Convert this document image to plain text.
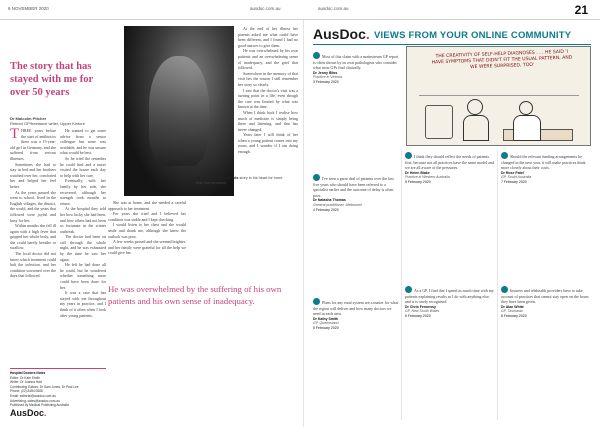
6 NOVEMBER 2020	ausdoc.com.au	ausdoc.com.au	21
The story that has stayed with me for over 50 years
Dr Malcolm Pitcher
Retired GP/freelance writer, Upper Kintore
Dr Pitcher has kept this story in his heart for more than five decades.

THREE years before the start of antibiotics there was a 15-year-old girl in Germany, and she suffered from serious illnesses.

Sometimes she had to stay in bed and her brothers watched over her, comforted her and helped her feel better.

As the years passed she went to school, lived in the English villages, the district, the world, and the years that followed were joyful and busy for her.

Within months she fell ill again with a high fever that gripped her whole body, and she could barely breathe or swallow.

The local doctor did not know which treatment could halt the infection, and her condition worsened over the days that followed.

He wanted to get some advice from a senior colleague but none was available, and he was unsure what would be best.

So he tried the remedies he could find and a nurse visited the house each day to help with her care.

Eventually, with her family by her side, she recovered, although her strength took months to return.

At the hospital they told her how lucky she had been, and how others had not been so fortunate in the winter outbreak.

The doctor had been on call through the whole night, and he was exhausted by the time he saw her again.

He felt he had done all he could, but he wondered whether something more could have been done for her.

It was a case that has stayed with me throughout my years in practice, and I think of it often when I look after young patients.

She was at home, and she needed a careful approach to her treatment.

For years she tried and I believed her condition was stable and I kept checking.

I would listen to her chest and she would smile and thank me, although she knew the outlook was poor.

A few weeks passed and she seemed brighter, and her family were grateful for all the help we could give her.

At the end of her illness her parents asked me what could have been different, and I found I had no good answer to give them.

He was overwhelmed by his own patients and an overwhelming sense of inadequacy, and the grief that followed.

Somewhere in the memory of that visit lies the reason I still remember her story so clearly.

I saw that the doctor's visit was a turning point in a life, even though the care was limited by what was known at the time.

When I think back I realise how much of medicine is simply being there and listening, and that has never changed.

Years later I still think of her when a young patient comes into my room, and I wonder if I am doing enough.

He was overwhelmed by the suffering of his own patients and his own sense of inadequacy.
Hospital Doctors Notes
Editor: Dr Kate Smith
Writer: Dr Joanna Hart
Contributing Editors: Dr Sam Jones, Dr Paul Lee
Phone: (02) 8484 0888
Email: editorial@ausdoc.com.au
Advertising: sales@ausdoc.com.au
Published by Medical Publishing Australia
AusDoc.
AusDoc. VIEWS FROM YOUR ONLINE COMMUNITY
THE CREATIVITY OF SELF-HELP DIAGNOSES . . . HE SAID 'I HAVE SYMPTOMS THAT DIDN'T FIT THE USUAL PATTERN, AND WE WERE SURPRISED, TOO'
Most of this claim with a mainstream GP report is often shown by its own pathologists who consider what most GPs find clinically.
Dr Jenny Bliss
Practice in Victoria
3 February 2020
I've seen a great deal of patients over the last five years who should have been referred to a specialist earlier and the outcome of delay is often poor.
Dr Natasha Thomas
General practitioner, Melbourne
4 February 2020
Plans for any rural system are a matter for what the region will deliver and how many doctors we need in each area.
Dr Kathy Smith
GP, Queensland
5 February 2020
I think they should reflect the needs of patients first, because not all practices have the same model and we are all aware of the pressures.
Dr Helen Blake
Practice in Western Australia
5 February 2020
As a GP, I find that I spend as much time with my patients explaining results as I do with anything else, and it is rarely recognised.
Dr Chris Fennessy
GP, New South Wales
6 February 2020
Should the relevant funding arrangements be changed in the next year, it will make practices think more closely about their costs.
Dr Rose Patel
GP, South Australia
7 February 2020
Insurers and telehealth providers have to take account of practices that cannot stay open on the hours they have been given.
Dr Alan White
GP, Tasmania
8 February 2020
